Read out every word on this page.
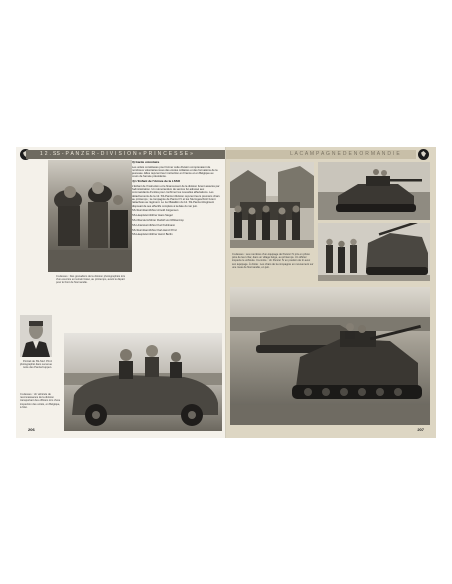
1 2 . SS - P A N Z E R - D I V I S I O N « P R I N C E S S E »
Ci-dessus : Des grenadiers de la division photographiés lors d'un exercice en terrain boisé, au printemps, avant le départ pour le front de Normandie.
3) Garde volontaire

Les unités constituées pour former cette division comprenaient de nombreux volontaires issus des écoles militaires et des formations de la jeunesse. Elles reçurent leur instruction en France et en Belgique au cours de l'année précédente.

4) L'Enfant de l'Armée de la LSSO

L'Enfant de l'instruction et le financement de la division furent assurés par l'administration. Un mémorandum de service fut adressé aux commandants d'unités pour confirmer les nouvelles affectations. Les détachements de la 12. SS-Panzer-Division reçurent leurs premiers chars au printemps ; la compagnie de Panzer IV et les Sturmgeschütz furent rattachées au régiment. Le 1er Bataillon du 12. SS-Panzer-Regiment disposait de ses effectifs complets à la date du 1er juin.

SS-Sturmbannführer Arnold Jürgensen

SS-Hauptsturmführer Hans Siegel

SS-Obersturmführer Rudolf von Ribbentrop

SS-Untersturmführer Karl Kuhlmann

SS-Sturmbannführer Karl-Heinz Prinz

SS-Hauptsturmführer Heinz Berlin

Portrait de SS-Stuf. Prinz photographié dans sa tenue noire des Panzertruppen.
Ci-dessus : Un véhicule de reconnaissance de la division transportant des officiers lors d'une inspection des unités, en Belgique, à l'été.
206
L A C A M P A G N E D E N O R M A N D I E
Ci-dessus : Les membres d'un équipage de Panzer IV pris en photo près de leur char, dans un village belge, au printemps. Un officier inspecte le véhicule. Ci-contre : Un Panzer IV en position de tir avec son équipage. À droite : Les chars de la compagnie en mouvement sur une route de Normandie, en juin.
207
